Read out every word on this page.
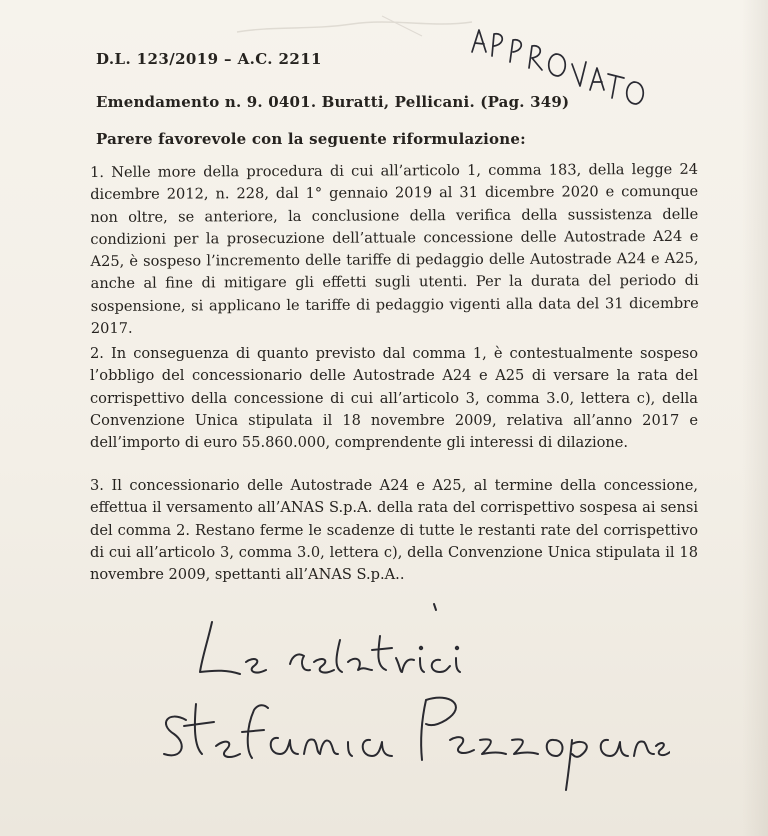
D.L. 123/2019 – A.C. 2211
Emendamento n. 9. 0401. Buratti, Pellicani. (Pag. 349)
Parere favorevole con la seguente riformulazione:

1. Nelle more della procedura di cui all’articolo 1, comma 183, della legge 24 dicembre 2012, n. 228, dal 1° gennaio 2019 al 31 dicembre 2020 e comunque non oltre, se anteriore, la conclusione della verifica della sussistenza delle condizioni per la prosecuzione dell’attuale concessione delle Autostrade A24 e A25, è sospeso l’incremento delle tariffe di pedaggio delle Autostrade A24 e A25, anche al fine di mitigare gli effetti sugli utenti. Per la durata del periodo di sospensione, si applicano le tariffe di pedaggio vigenti alla data del 31 dicembre 2017.

2. In conseguenza di quanto previsto dal comma 1, è contestualmente sospeso l’obbligo del concessionario delle Autostrade A24 e A25 di versare la rata del corrispettivo della concessione di cui all’articolo 3, comma 3.0, lettera c), della Convenzione Unica stipulata il 18 novembre 2009, relativa all’anno 2017 e dell’importo di euro 55.860.000, comprendente gli interessi di dilazione.

3. Il concessionario delle Autostrade A24 e A25, al termine della concessione, effettua il versamento all’ANAS S.p.A. della rata del corrispettivo sospesa ai sensi del comma 2. Restano ferme le scadenze di tutte le restanti rate del corrispettivo di cui all’articolo 3, comma 3.0, lettera c), della Convenzione Unica stipulata il 18 novembre 2009, spettanti all’ANAS S.p.A..
